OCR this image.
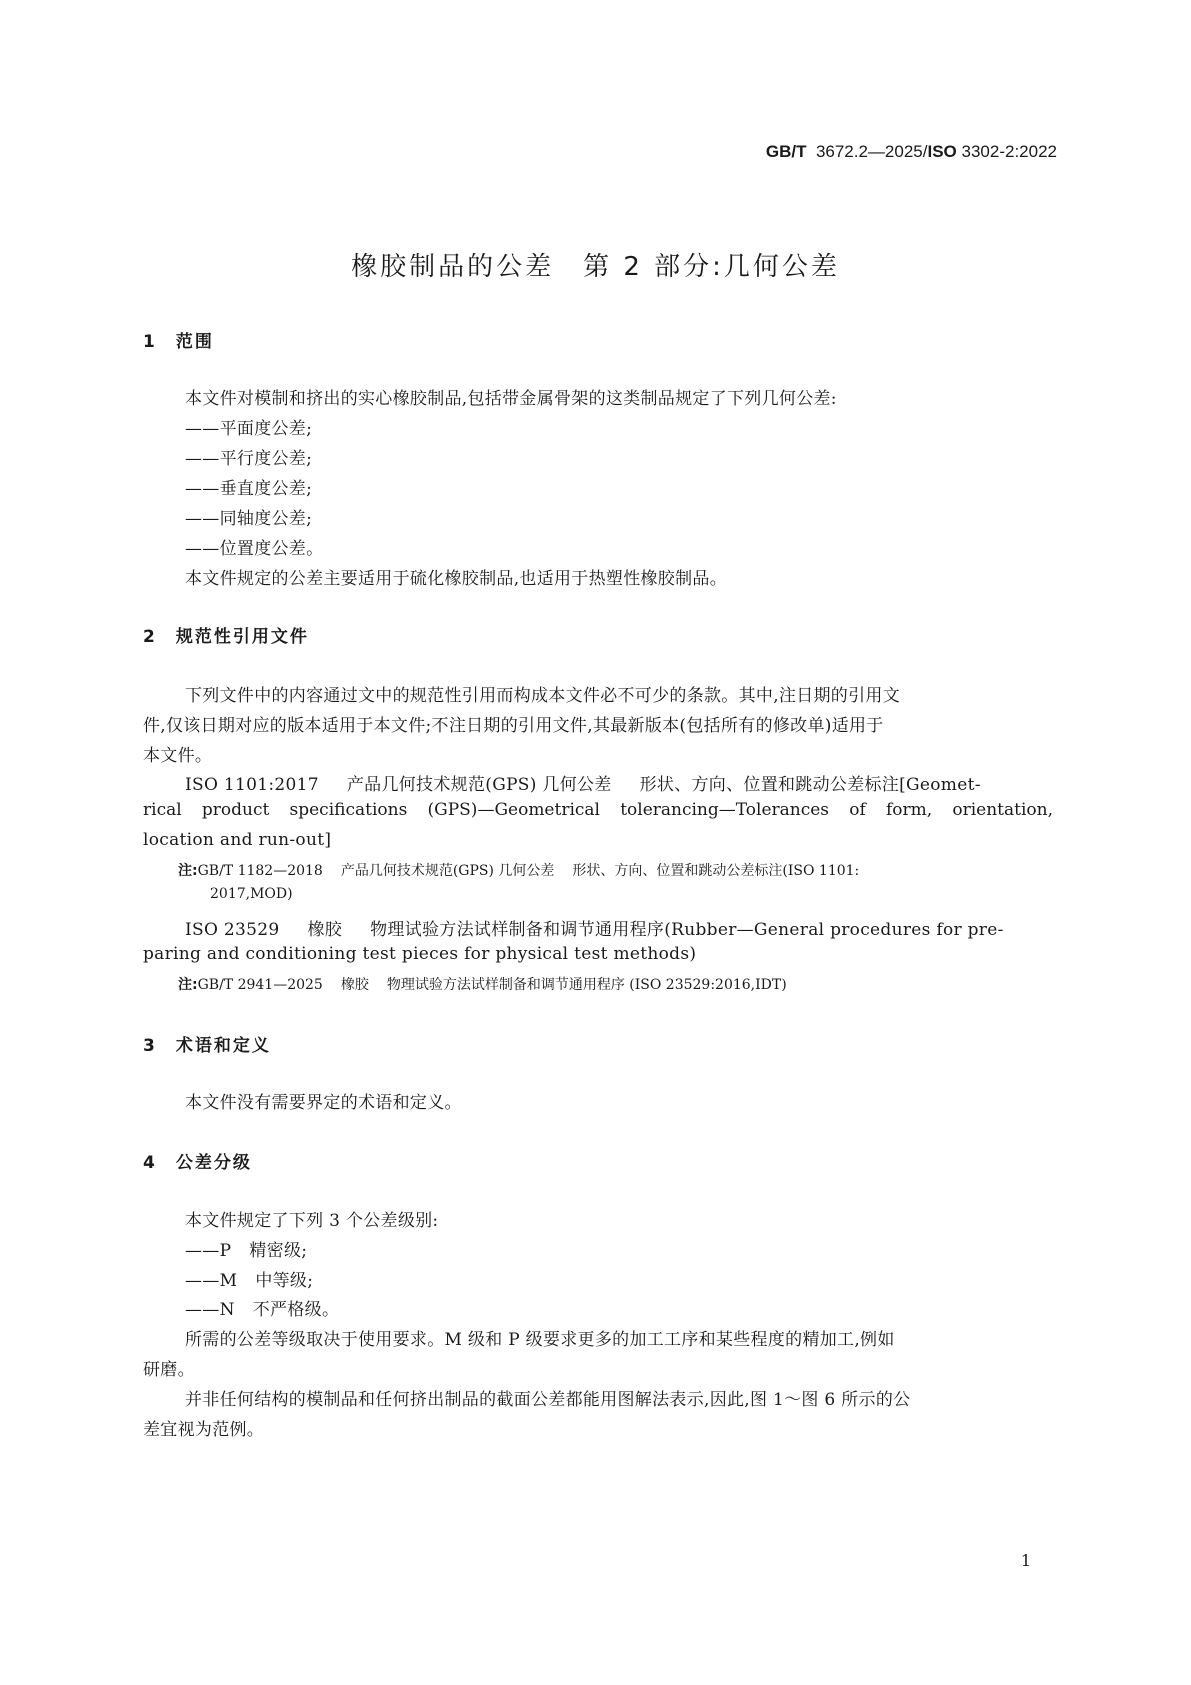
GB/T 3672.2—2025/ISO 3302-2:2022
橡胶制品的公差　第 2 部分:几何公差
1　范围
本文件对模制和挤出的实心橡胶制品,包括带金属骨架的这类制品规定了下列几何公差:
——平面度公差;
——平行度公差;
——垂直度公差;
——同轴度公差;
——位置度公差。
本文件规定的公差主要适用于硫化橡胶制品,也适用于热塑性橡胶制品。
2　规范性引用文件
下列文件中的内容通过文中的规范性引用而构成本文件必不可少的条款。其中,注日期的引用文
件,仅该日期对应的版本适用于本文件;不注日期的引用文件,其最新版本(包括所有的修改单)适用于
本文件。
ISO 1101:2017 产品几何技术规范(GPS) 几何公差 形状、方向、位置和跳动公差标注[Geomet-
rical product specifications (GPS)—Geometrical tolerancing—Tolerances of form, orientation,
location and run-out]
注:GB/T 1182—2018 产品几何技术规范(GPS) 几何公差 形状、方向、位置和跳动公差标注(ISO 1101:
2017,MOD)
ISO 23529 橡胶 物理试验方法试样制备和调节通用程序(Rubber—General procedures for pre-
paring and conditioning test pieces for physical test methods)
注:GB/T 2941—2025 橡胶 物理试验方法试样制备和调节通用程序 (ISO 23529:2016,IDT)
3　术语和定义
本文件没有需要界定的术语和定义。
4　公差分级
本文件规定了下列 3 个公差级别:
——P 精密级;
——M 中等级;
——N 不严格级。
所需的公差等级取决于使用要求。M 级和 P 级要求更多的加工工序和某些程度的精加工,例如
研磨。
并非任何结构的模制品和任何挤出制品的截面公差都能用图解法表示,因此,图 1～图 6 所示的公
差宜视为范例。
1
